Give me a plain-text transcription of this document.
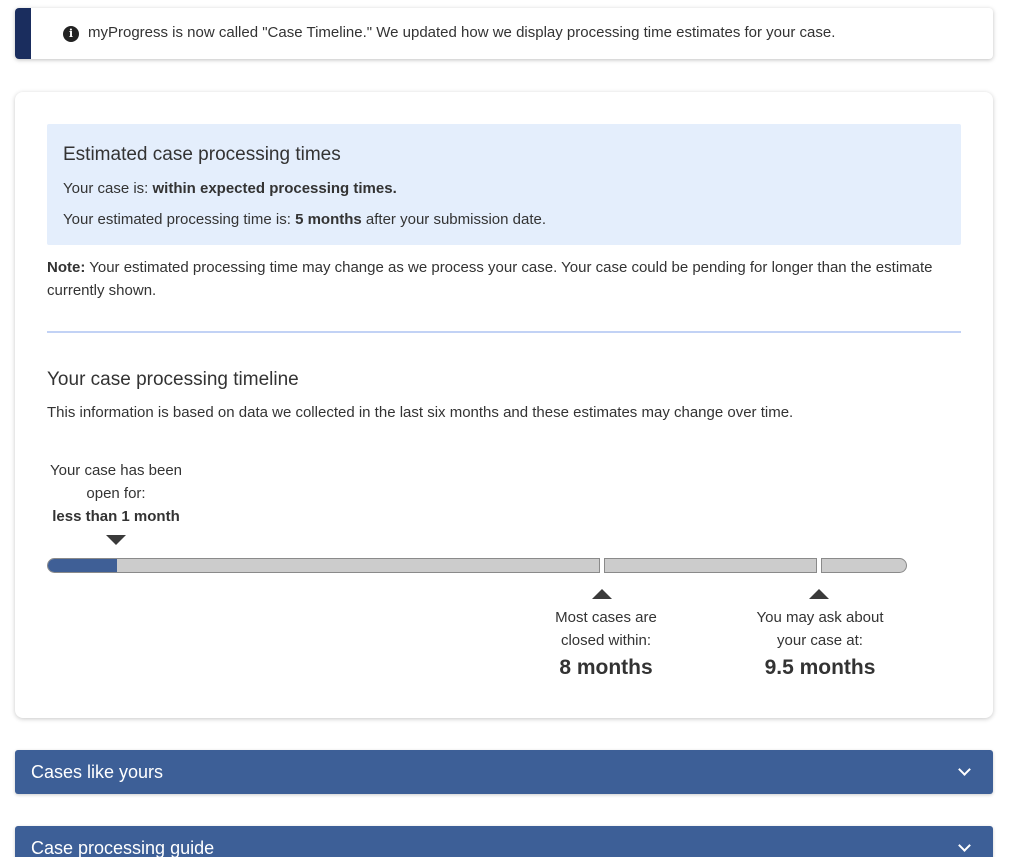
i myProgress is now called "Case Timeline." We updated how we display processing time estimates for your case.
Estimated case processing times
Your case is: within expected processing times.
Your estimated processing time is: 5 months after your submission date.
Note: Your estimated processing time may change as we process your case. Your case could be pending for longer than the estimate currently shown.
Your case processing timeline
This information is based on data we collected in the last six months and these estimates may change over time.
Your case has been
open for:
less than 1 month
Most cases are
closed within:
8 months
You may ask about
your case at:
9.5 months
Cases like yours
Case processing guide
